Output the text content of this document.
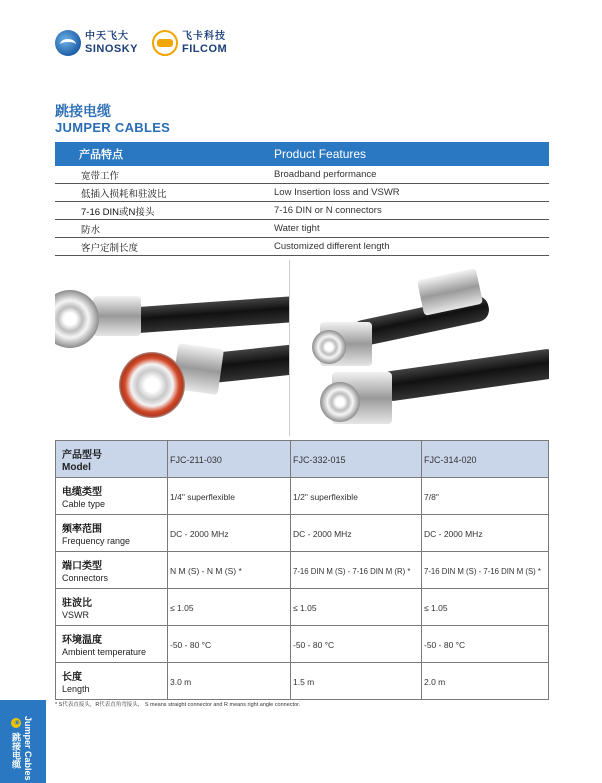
中天飞大
SINOSKY
飞卡科技
FILCOM
跳接电缆
JUMPER CABLES
产品特点	Product Features
宽带工作	Broadband performance
低插入损耗和驻波比	Low Insertion loss and VSWR
7-16 DIN或N接头	7-16 DIN or N connectors
防水	Water tight
客户定制长度	Customized different length
产品型号
Model	FJC-211-030	FJC-332-015	FJC-314-020

电缆类型
Cable type	1/4" superflexible	1/2" superflexible	7/8"

频率范围
Frequency range	DC - 2000 MHz	DC - 2000 MHz	DC - 2000 MHz

端口类型
Connectors	N M (S) - N M (S) *	7-16 DIN M (S) - 7-16 DIN M (R) *	7-16 DIN M (S) - 7-16 DIN M (S) *

驻波比
VSWR	≤ 1.05	≤ 1.05	≤ 1.05

环境温度
Ambient temperature	-50 - 80 °C	-50 - 80 °C	-50 - 80 °C

长度
Length	3.0 m	1.5 m	2.0 m
* S代表直接头，R代表直角弯接头， S means straight connector and R means right angle connector.
Jumper Cables ⑧ 跳接电缆
